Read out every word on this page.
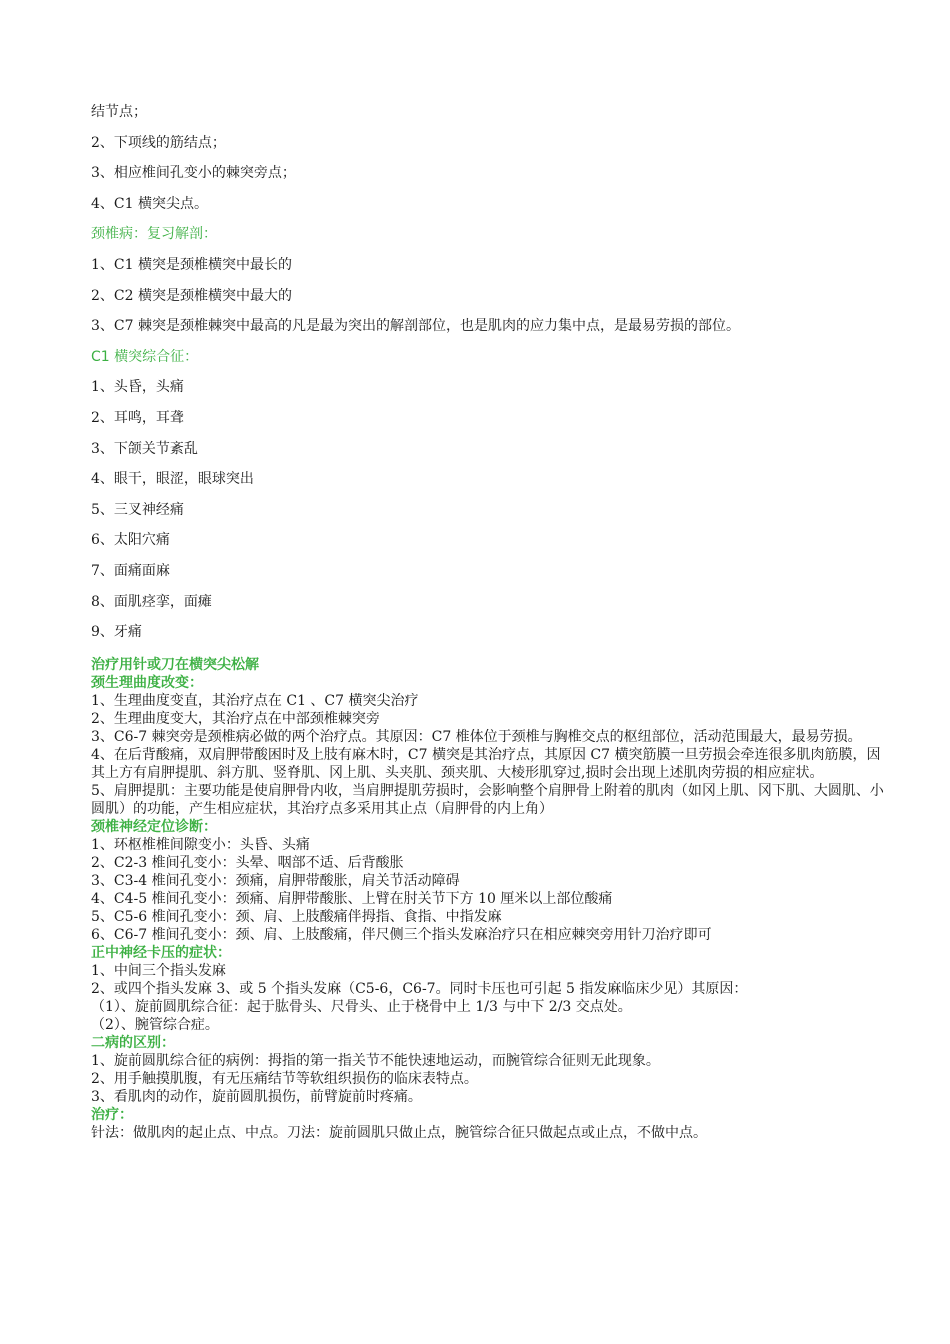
结节点；

2、下项线的筋结点；

3、相应椎间孔变小的棘突旁点；

4、C1 横突尖点。

颈椎病：复习解剖：

1、C1 横突是颈椎横突中最长的

2、C2 横突是颈椎横突中最大的

3、C7 棘突是颈椎棘突中最高的凡是最为突出的解剖部位，也是肌肉的应力集中点，是最易劳损的部位。

C1 横突综合征：

1、头昏，头痛

2、耳鸣，耳聋

3、下颌关节紊乱

4、眼干，眼涩，眼球突出

5、三叉神经痛

6、太阳穴痛

7、面痛面麻

8、面肌痉挛，面瘫

9、牙痛

治疗用针或刀在横突尖松解

颈生理曲度改变：

1、生理曲度变直，其治疗点在 C1 、C7 横突尖治疗

2、生理曲度变大，其治疗点在中部颈椎棘突旁

3、C6-7 棘突旁是颈椎病必做的两个治疗点。其原因：C7 椎体位于颈椎与胸椎交点的枢纽部位，活动范围最大，最易劳损。

4、在后背酸痛，双肩胛带酸困时及上肢有麻木时，C7 横突是其治疗点，其原因 C7 横突筋膜一旦劳损会牵连很多肌肉筋膜，因其上方有肩胛提肌、斜方肌、竖脊肌、冈上肌、头夹肌、颈夹肌、大棱形肌穿过,损时会出现上述肌肉劳损的相应症状。

5、肩胛提肌：主要功能是使肩胛骨内收，当肩胛提肌劳损时，会影响整个肩胛骨上附着的肌肉（如冈上肌、冈下肌、大圆肌、小圆肌）的功能，产生相应症状，其治疗点多采用其止点（肩胛骨的内上角）

颈椎神经定位诊断：

1、环枢椎椎间隙变小：头昏、头痛

2、C2-3 椎间孔变小：头晕、咽部不适、后背酸胀

3、C3-4 椎间孔变小：颈痛，肩胛带酸胀，肩关节活动障碍

4、C4-5 椎间孔变小：颈痛、肩胛带酸胀、上臂在肘关节下方 10 厘米以上部位酸痛

5、C5-6 椎间孔变小：颈、肩、上肢酸痛伴拇指、食指、中指发麻

6、C6-7 椎间孔变小：颈、肩、上肢酸痛，伴尺侧三个指头发麻治疗只在相应棘突旁用针刀治疗即可

正中神经卡压的症状：

1、中间三个指头发麻

2、或四个指头发麻 3、或 5 个指头发麻（C5-6，C6-7。同时卡压也可引起 5 指发麻临床少见）其原因：

（1）、旋前圆肌综合征：起于肱骨头、尺骨头、止于桡骨中上 1/3 与中下 2/3 交点处。

（2）、腕管综合症。

二病的区别：

1、旋前圆肌综合征的病例：拇指的第一指关节不能快速地运动，而腕管综合征则无此现象。

2、用手触摸肌腹，有无压痛结节等软组织损伤的临床表特点。

3、看肌肉的动作，旋前圆肌损伤，前臂旋前时疼痛。

治疗：

针法：做肌肉的起止点、中点。刀法：旋前圆肌只做止点，腕管综合征只做起点或止点，不做中点。
